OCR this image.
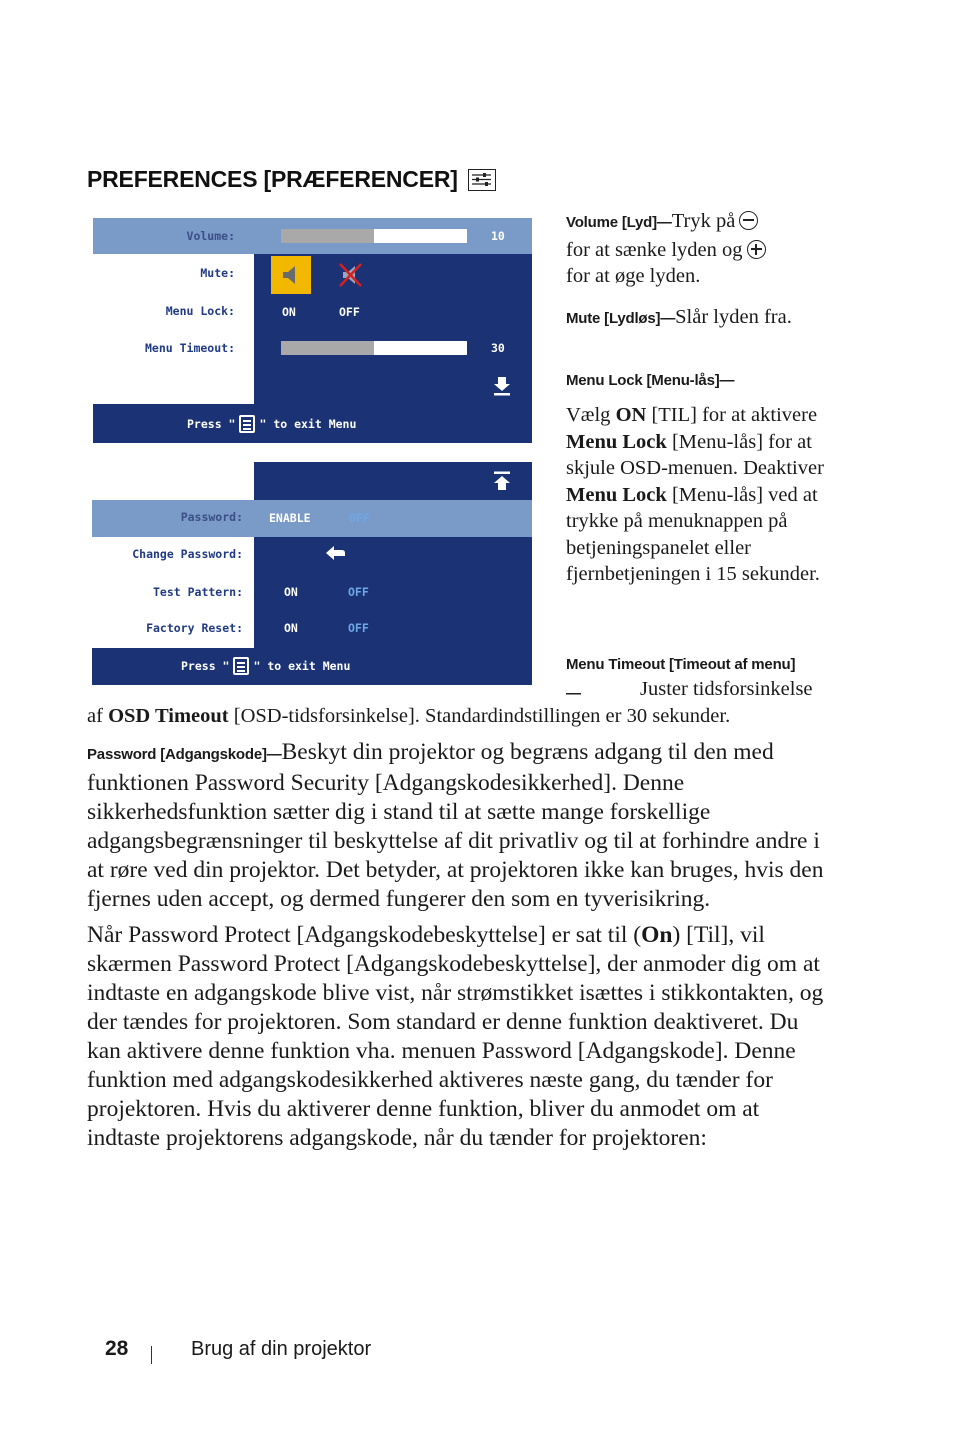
PREFERENCES [PRÆFERENCER]
Volume:	10
Mute:
Menu Lock:	ON	OFF
Menu Timeout:	30
Press " " to exit Menu
Password: ENABLE	OFF
Change Password:
Test Pattern:	ON	OFF
Factory Reset:	ON	OFF
Press " " to exit Menu
Volume [Lyd]—Tryk på
for at sænke lyden og
for at øge lyden.
Mute [Lydløs]—Slår lyden fra.
Menu Lock [Menu-lås]—
Vælg ON [TIL] for at aktivere Menu Lock [Menu-lås] for at skjule OSD-menuen. Deaktiver Menu Lock [Menu-lås] ved at trykke på menuknappen på betjeningspanelet eller fjernbetjeningen i 15 sekunder.
Menu Timeout [Timeout af menu]—	Juster tidsforsinkelse
af OSD Timeout [OSD-tidsforsinkelse]. Standardindstillingen er 30 sekunder.
Password [Adgangskode]—Beskyt din projektor og begræns adgang til den med funktionen Password Security [Adgangskodesikkerhed]. Denne sikkerhedsfunktion sætter dig i stand til at sætte mange forskellige adgangsbegrænsninger til beskyttelse af dit privatliv og til at forhindre andre i at røre ved din projektor. Det betyder, at projektoren ikke kan bruges, hvis den fjernes uden accept, og dermed fungerer den som en tyverisikring.
Når Password Protect [Adgangskodebeskyttelse] er sat til (On) [Til], vil skærmen Password Protect [Adgangskodebeskyttelse], der anmoder dig om at indtaste en adgangskode blive vist, når strømstikket isættes i stikkontakten, og der tændes for projektoren. Som standard er denne funktion deaktiveret. Du kan aktivere denne funktion vha. menuen Password [Adgangskode]. Denne funktion med adgangskodesikkerhed aktiveres næste gang, du tænder for projektoren. Hvis du aktiverer denne funktion, bliver du anmodet om at indtaste projektorens adgangskode, når du tænder for projektoren:
28	Brug af din projektor
